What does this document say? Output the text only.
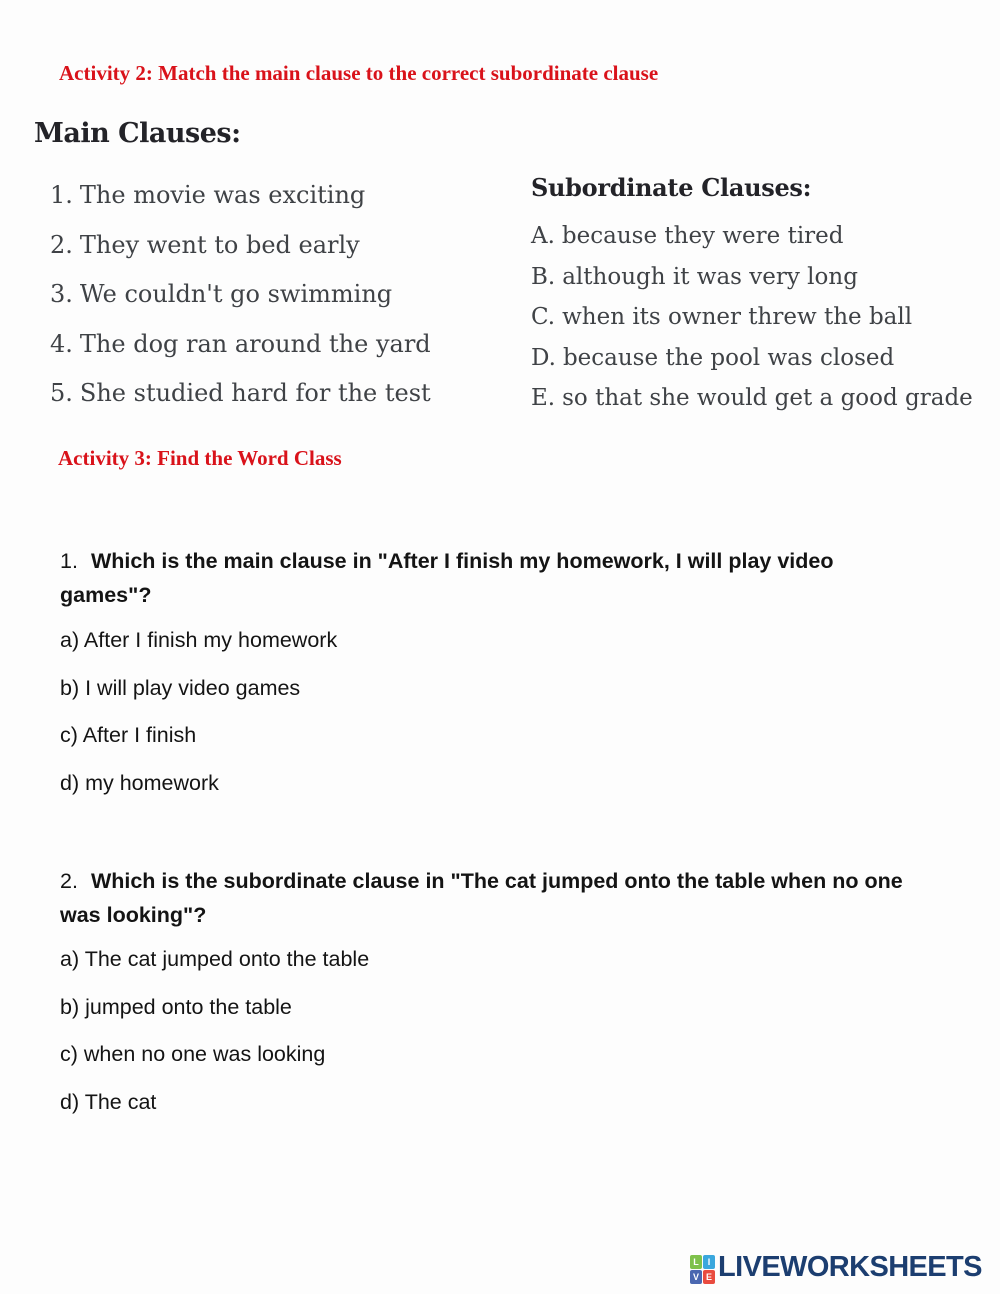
Activity 2: Match the main clause to the correct subordinate clause
Main Clauses:
1. The movie was exciting
2. They went to bed early
3. We couldn't go swimming
4. The dog ran around the yard
5. She studied hard for the test
Subordinate Clauses:
A. because they were tired
B. although it was very long
C. when its owner threw the ball
D. because the pool was closed
E. so that she would get a good grade
Activity 3: Find the Word Class
1. Which is the main clause in "After I finish my homework, I will play video games"?
a) After I finish my homework
b) I will play video games
c) After I finish
d) my homework
2. Which is the subordinate clause in "The cat jumped onto the table when no one was looking"?
a) The cat jumped onto the table
b) jumped onto the table
c) when no one was looking
d) The cat
L I
V E LIVEWORKSHEETS
